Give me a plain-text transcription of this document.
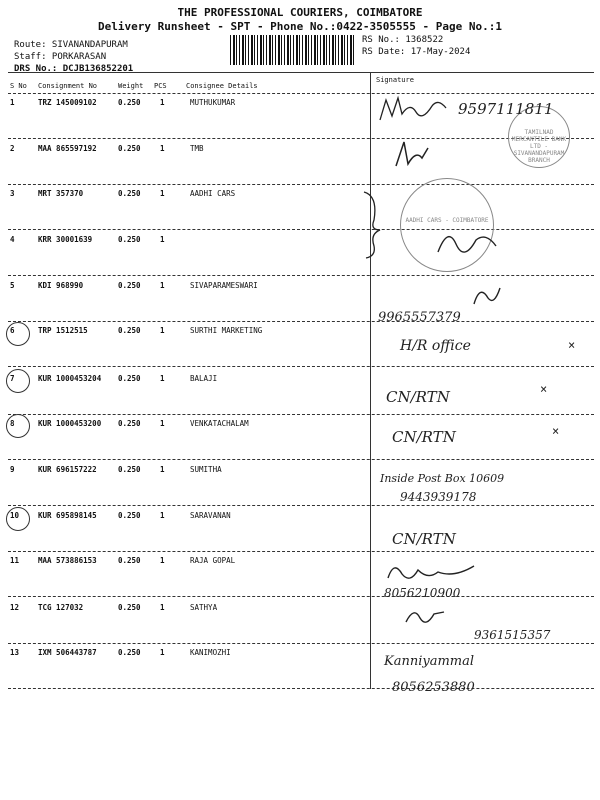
THE PROFESSIONAL COURIERS, COIMBATORE
Delivery Runsheet - SPT - Phone No.:0422-3505555 - Page No.:1
Route: SIVANANDAPURAM
Staff: PORKARASAN
DRS No.: DCJB136852201
RS No.: 1368522
RS Date: 17-May-2024
S No Consignment No	Weight PCS	Consignee Details
Signature
1	TRZ 145009102	0.250	1	MUTHUKUMAR
2	MAA 865597192	0.250	1	TMB
3	MRT 357370	0.250	1	AADHI CARS
4	KRR 30001639	0.250	1
5	KDI 968990	0.250	1	SIVAPARAMESWARI
6	TRP 1512515	0.250	1	SURTHI MARKETING
7	KUR 1000453204 0.250	1	BALAJI
8	KUR 1000453200 0.250	1	VENKATACHALAM
9	KUR 696157222	0.250	1	SUMITHA
10	KUR 695898145	0.250	1	SARAVANAN
11	MAA 573886153	0.250	1	RAJA GOPAL
12	TCG 127032	0.250	1	SATHYA
13	IXM 506443787	0.250	1	KANIMOZHI
TAMILNAD MERCANTILE BANK LTD - SIVANANDAPURAM BRANCH
AADHI CARS - COIMBATORE
9597111811
9965557379
H/R office	×
CN/RTN	×
CN/RTN	×
Inside Post Box 10609
9443939178
CN/RTN
8056210900
9361515357
Kanniyammal
8056253880
